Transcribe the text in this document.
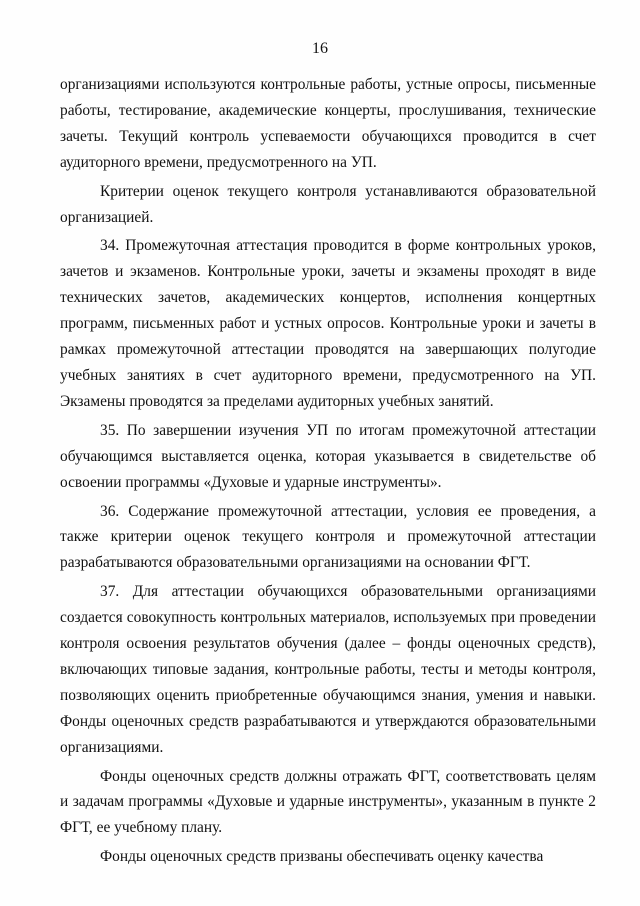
16

организациями используются контрольные работы, устные опросы, письменные работы, тестирование, академические концерты, прослушивания, технические зачеты. Текущий контроль успеваемости обучающихся проводится в счет аудиторного времени, предусмотренного на УП.

Критерии оценок текущего контроля устанавливаются образовательной организацией.

34. Промежуточная аттестация проводится в форме контрольных уроков, зачетов и экзаменов. Контрольные уроки, зачеты и экзамены проходят в виде технических зачетов, академических концертов, исполнения концертных программ, письменных работ и устных опросов. Контрольные уроки и зачеты в рамках промежуточной аттестации проводятся на завершающих полугодие учебных занятиях в счет аудиторного времени, предусмотренного на УП. Экзамены проводятся за пределами аудиторных учебных занятий.

35. По завершении изучения УП по итогам промежуточной аттестации обучающимся выставляется оценка, которая указывается в свидетельстве об освоении программы «Духовые и ударные инструменты».

36. Содержание промежуточной аттестации, условия ее проведения, а также критерии оценок текущего контроля и промежуточной аттестации разрабатываются образовательными организациями на основании ФГТ.

37. Для аттестации обучающихся образовательными организациями создается совокупность контрольных материалов, используемых при проведении контроля освоения результатов обучения (далее – фонды оценочных средств), включающих типовые задания, контрольные работы, тесты и методы контроля, позволяющих оценить приобретенные обучающимся знания, умения и навыки. Фонды оценочных средств разрабатываются и утверждаются образовательными организациями.

Фонды оценочных средств должны отражать ФГТ, соответствовать целям и задачам программы «Духовые и ударные инструменты», указанным в пункте 2 ФГТ, ее учебному плану.

Фонды оценочных средств призваны обеспечивать оценку качества
